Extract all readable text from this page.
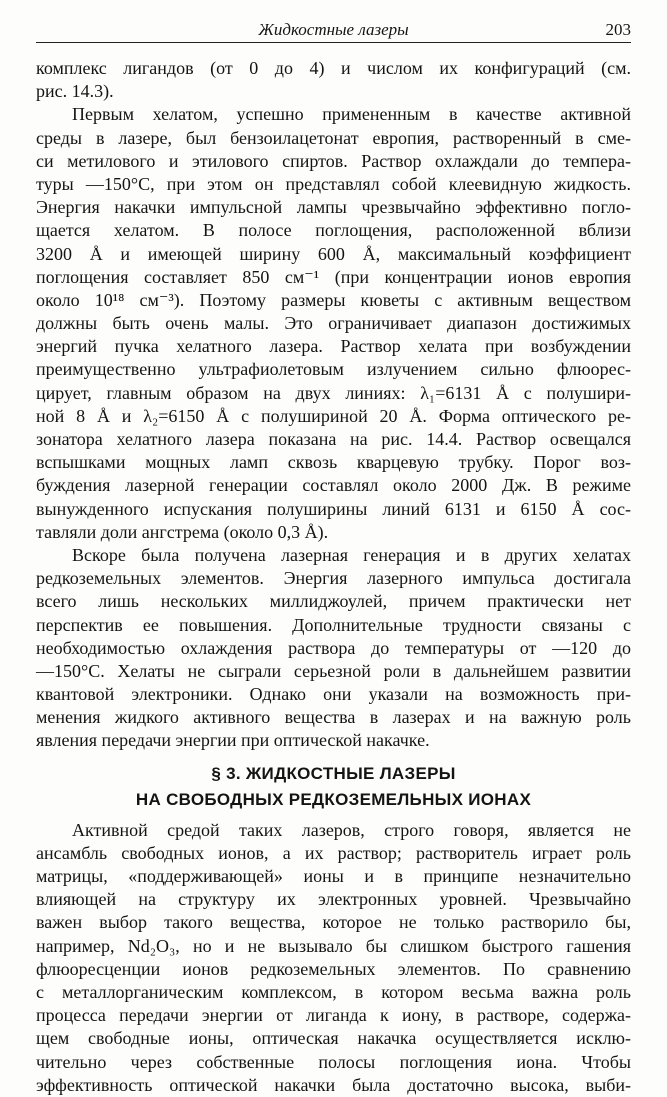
Жидкостные лазеры	203
комплекс лигандов (от 0 до 4) и числом их конфигураций (см.
рис. 14.3).
Первым хелатом, успешно примененным в качестве активной
среды в лазере, был бензоилацетонат европия, растворенный в сме-
си метилового и этилового спиртов. Раствор охлаждали до темпера-
туры —150°C, при этом он представлял собой клеевидную жидкость.
Энергия накачки импульсной лампы чрезвычайно эффективно погло-
щается хелатом. В полосе поглощения, расположенной вблизи
3200 Å и имеющей ширину 600 Å, максимальный коэффициент
поглощения составляет 850 см⁻¹ (при концентрации ионов европия
около 10¹⁸ см⁻³). Поэтому размеры кюветы с активным веществом
должны быть очень малы. Это ограничивает диапазон достижимых
энергий пучка хелатного лазера. Раствор хелата при возбуждении
преимущественно ультрафиолетовым излучением сильно флюорес-
цирует, главным образом на двух линиях: λ₁=6131 Å с полушири-
ной 8 Å и λ₂=6150 Å с полушириной 20 Å. Форма оптического ре-
зонатора хелатного лазера показана на рис. 14.4. Раствор освещался
вспышками мощных ламп сквозь кварцевую трубку. Порог воз-
буждения лазерной генерации составлял около 2000 Дж. В режиме
вынужденного испускания полуширины линий 6131 и 6150 Å сос-
тавляли доли ангстрема (около 0,3 Å).
Вскоре была получена лазерная генерация и в других хелатах
редкоземельных элементов. Энергия лазерного импульса достигала
всего лишь нескольких миллиджоулей, причем практически нет
перспектив ее повышения. Дополнительные трудности связаны с
необходимостью охлаждения раствора до температуры от —120 до
—150°C. Хелаты не сыграли серьезной роли в дальнейшем развитии
квантовой электроники. Однако они указали на возможность при-
менения жидкого активного вещества в лазерах и на важную роль
явления передачи энергии при оптической накачке.
§ 3. ЖИДКОСТНЫЕ ЛАЗЕРЫ
НА СВОБОДНЫХ РЕДКОЗЕМЕЛЬНЫХ ИОНАХ
Активной средой таких лазеров, строго говоря, является не
ансамбль свободных ионов, а их раствор; растворитель играет роль
матрицы, «поддерживающей» ионы и в принципе незначительно
влияющей на структуру их электронных уровней. Чрезвычайно
важен выбор такого вещества, которое не только растворило бы,
например, Nd₂O₃, но и не вызывало бы слишком быстрого гашения
флюоресценции ионов редкоземельных элементов. По сравнению
с металлорганическим комплексом, в котором весьма важна роль
процесса передачи энергии от лиганда к иону, в растворе, содержа-
щем свободные ионы, оптическая накачка осуществляется исклю-
чительно через собственные полосы поглощения иона. Чтобы
эффективность оптической накачки была достаточно высока, выби-
